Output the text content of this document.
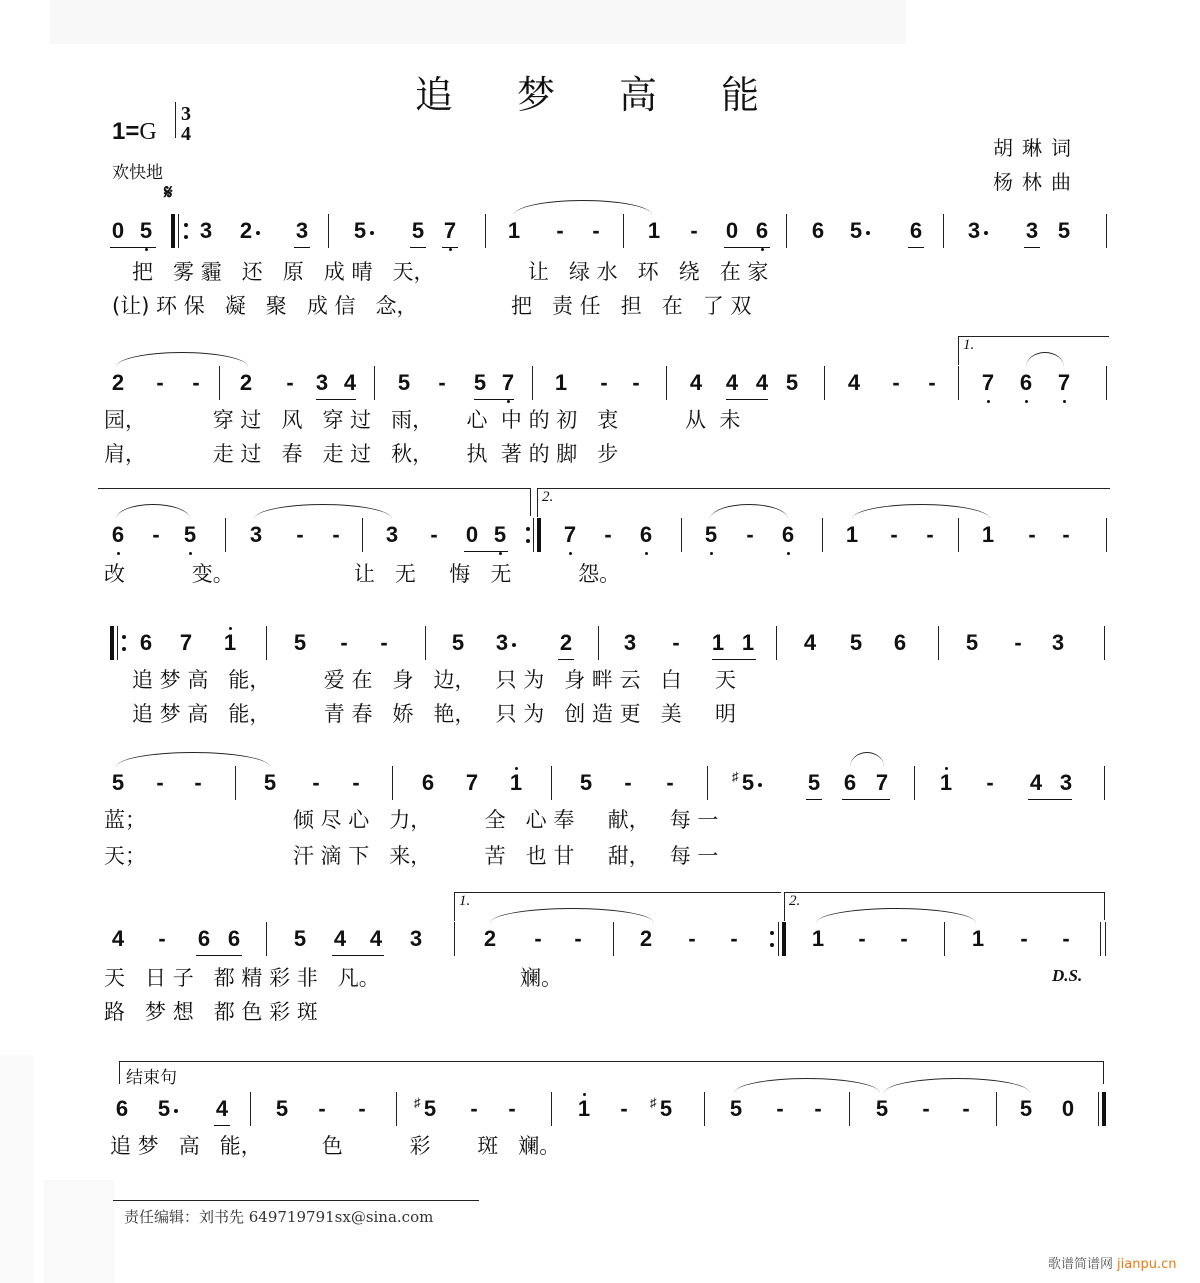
追 梦 高 能
1=G
3
4
欢快地
胡琳词
杨林曲
𝄋
0 5 3 2 3 5 5 7 1 - - 1 - 0 6 6 5 6 3 3 5
把   雾 霾   还   原   成 晴   天，              让   绿 水   环   绕   在 家
(让) 环 保   凝   聚   成 信   念，              把   责 任   担   在   了 双
2 - - 2 - 3 4 5 - 5 7 1 - - 4 4 4 5 4 - -
1.
7 6 7
园，          穿 过   风   穿 过   雨，     心  中 的 初   衷          从  未
肩，          走 过   春   走 过   秋，     执  著 的 脚   步
6 - 5 3 - - 3 - 0 5
2.
7 - 6 5 - 6 1 - - 1 - -
改          变。                  让   无     悔   无          怨。
6 7 1	5 - -	5 3 2 3 - 1 1 4 5 6	5 - 3
追 梦 高   能，        爱 在   身   边，   只 为   身 畔 云   白     天
追 梦 高   能，        青 春   娇   艳，   只 为   创 造 更   美     明
5 - -	5 - -	6 7 1	5 - -	♯ 5 5 6 7 1 - 4 3
蓝；                      倾 尽 心   力，        全   心 奉     献，   每 一
天；                      汗 滴 下   来，        苦   也 甘     甜，   每 一
4 - 6 6 5 4 4 3
1.
2 - -	2 - -
2.
1 - -	1 - -
天   日 子   都 精 彩 非   凡。                     斓。
路   梦 想   都 色 彩 斑
D.S.
结束句
6 5 4 5 - -	♯ 5 - -	1 -	♯ 5	5 - - 5 - - 5 0
追 梦   高   能，         色          彩       斑   斓。
责任编辑：刘书先 649719791sx@sina.com
歌谱简谱网 jianpu.cn
